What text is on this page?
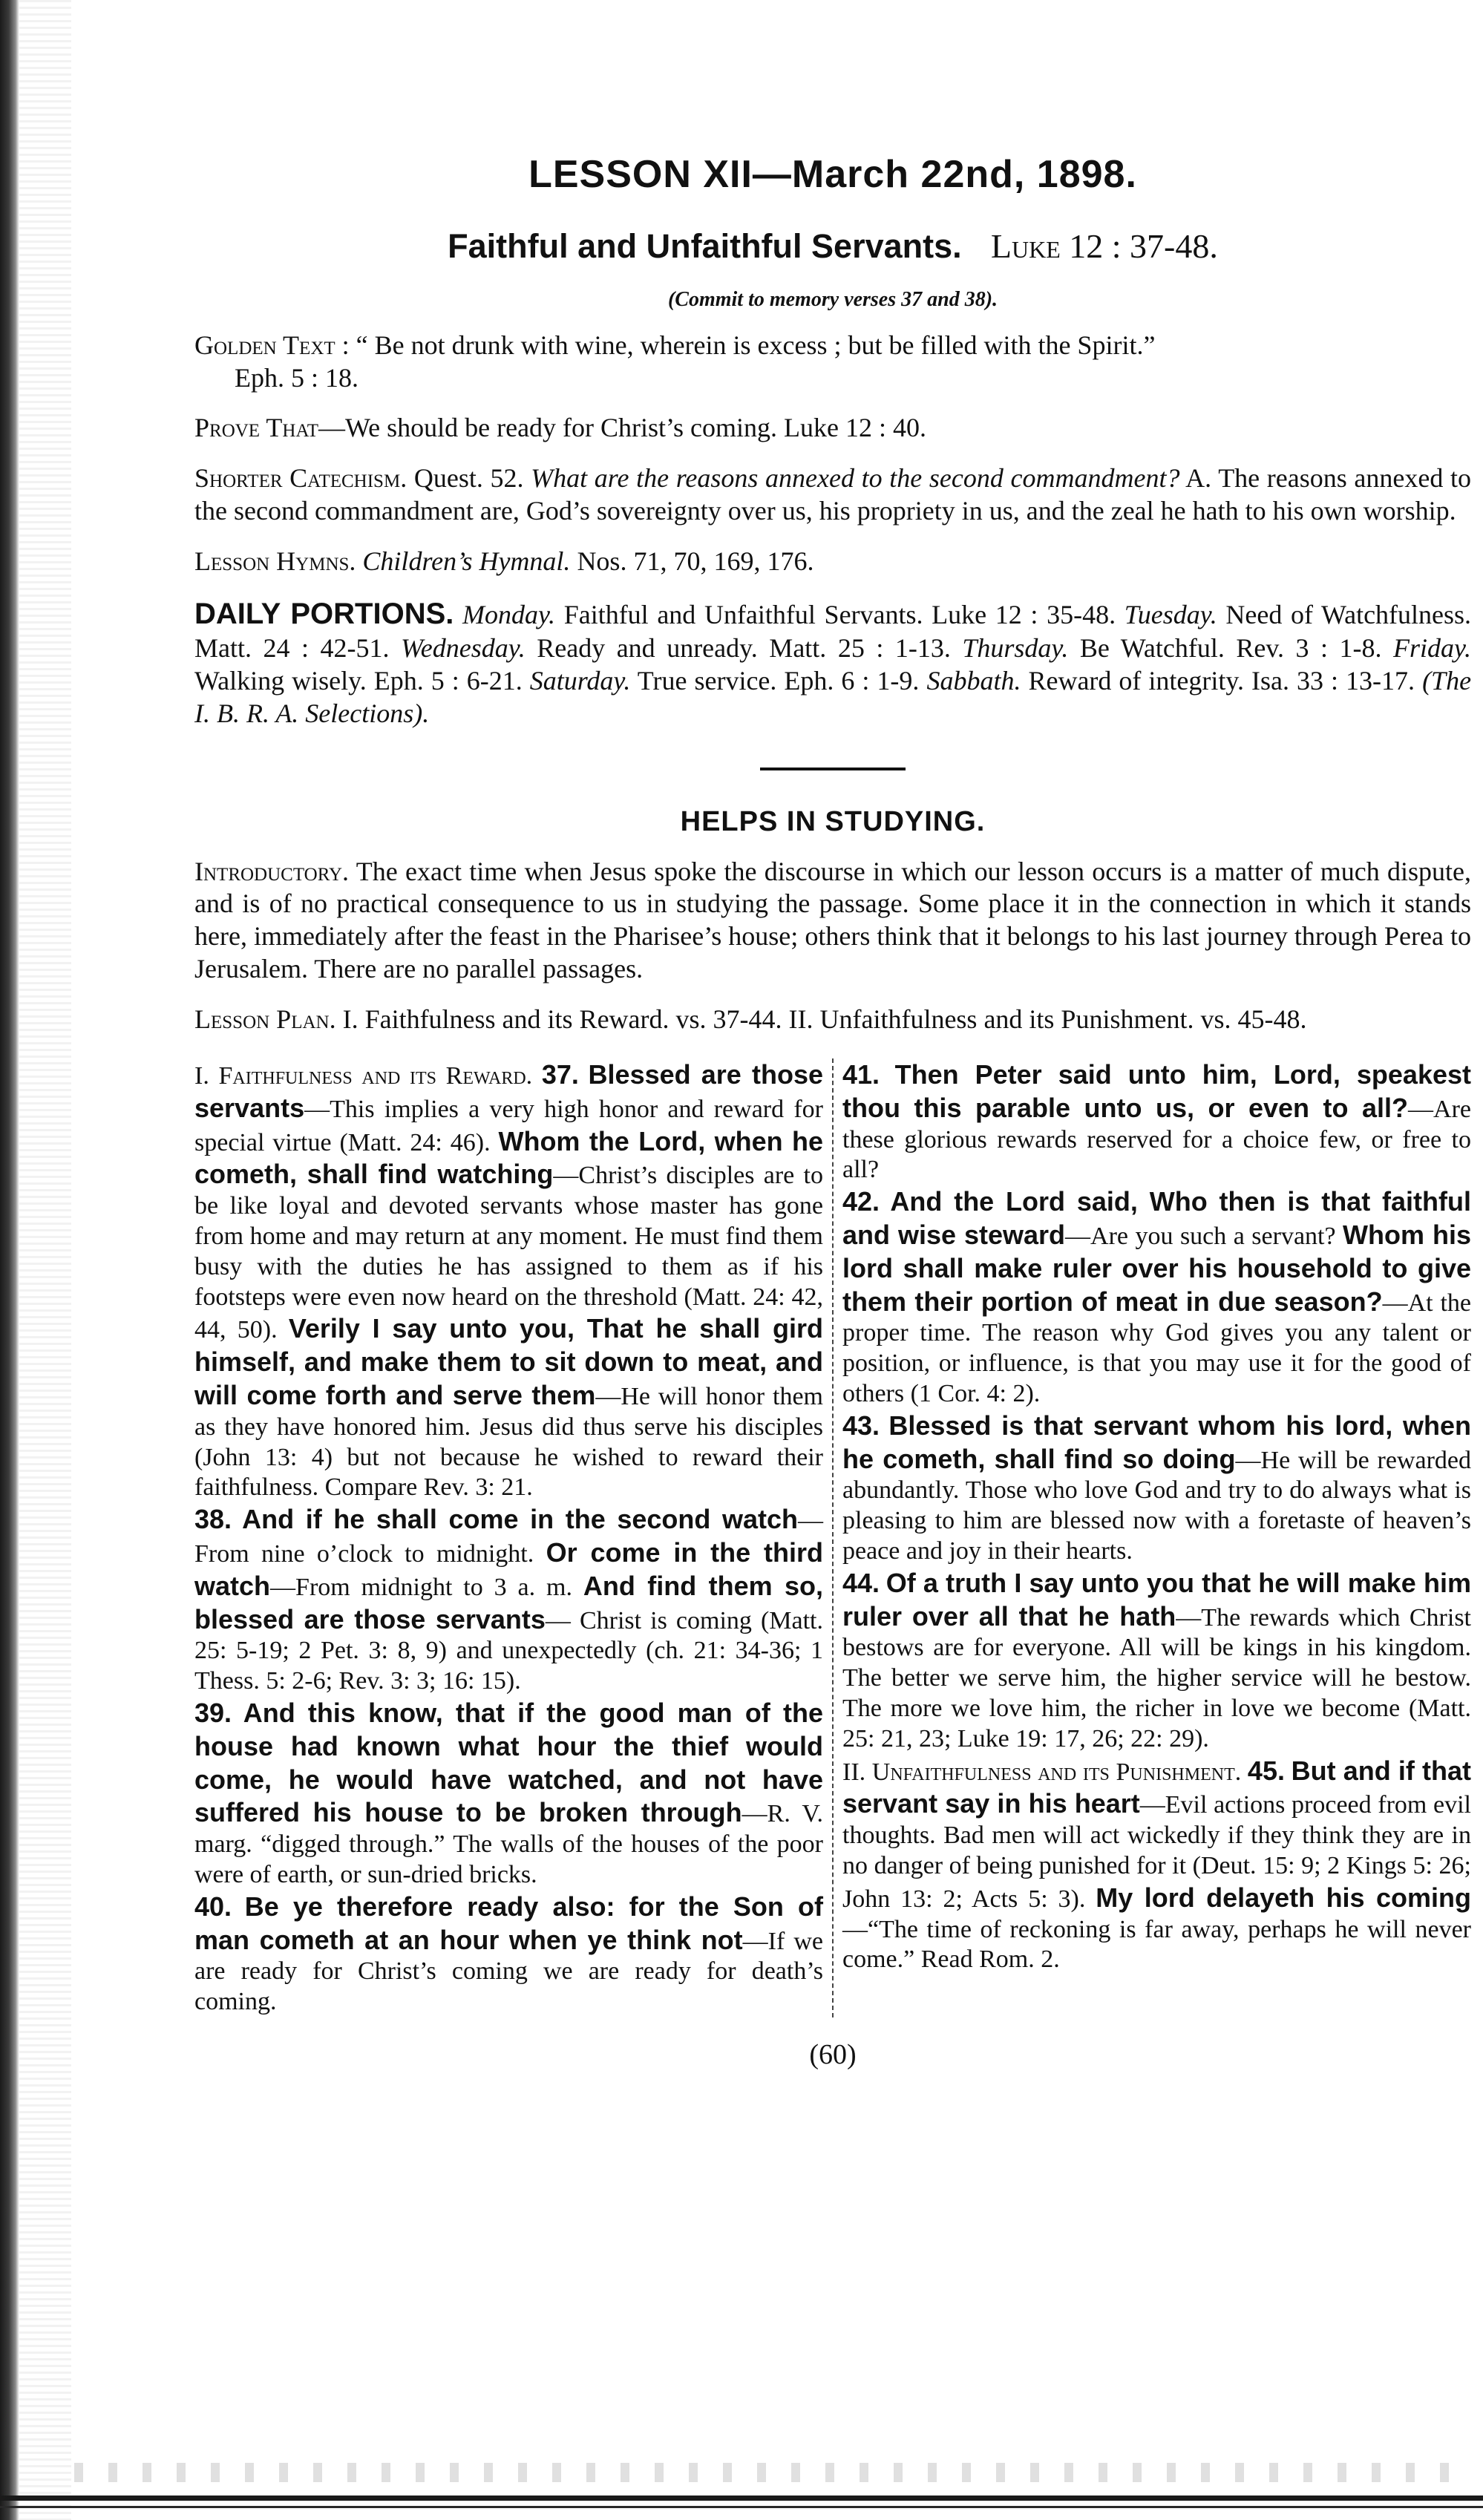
LESSON XII—March 22nd, 1898.
Faithful and Unfaithful Servants. Luke 12 : 37-48.
(Commit to memory verses 37 and 38).

Golden Text : “ Be not drunk with wine, wherein is excess ; but be filled with the Spirit.”
Eph. 5 : 18.

Prove That—We should be ready for Christ’s coming. Luke 12 : 40.

Shorter Catechism. Quest. 52. What are the reasons annexed to the second commandment? A. The reasons annexed to the second commandment are, God’s sovereignty over us, his propriety in us, and the zeal he hath to his own worship.

Lesson Hymns. Children’s Hymnal. Nos. 71, 70, 169, 176.

DAILY PORTIONS. Monday. Faithful and Unfaithful Servants. Luke 12 : 35-48. Tuesday. Need of Watchfulness. Matt. 24 : 42-51. Wednesday. Ready and unready. Matt. 25 : 1-13. Thursday. Be Watchful. Rev. 3 : 1-8. Friday. Walking wisely. Eph. 5 : 6-21. Saturday. True service. Eph. 6 : 1-9. Sabbath. Reward of integrity. Isa. 33 : 13-17. (The I. B. R. A. Selections).

HELPS IN STUDYING.

Introductory. The exact time when Jesus spoke the discourse in which our lesson occurs is a matter of much dispute, and is of no practical consequence to us in studying the passage. Some place it in the connection in which it stands here, immediately after the feast in the Pharisee’s house; others think that it belongs to his last journey through Perea to Jerusalem. There are no parallel passages.

Lesson Plan. I. Faithfulness and its Reward. vs. 37-44. II. Unfaithfulness and its Punishment. vs. 45-48.

I. Faithfulness and its Reward. 37. Blessed are those servants—This implies a very high honor and reward for special virtue (Matt. 24: 46). Whom the Lord, when he cometh, shall find watching—Christ’s disciples are to be like loyal and devoted servants whose master has gone from home and may return at any moment. He must find them busy with the duties he has assigned to them as if his footsteps were even now heard on the threshold (Matt. 24: 42, 44, 50). Verily I say unto you, That he shall gird himself, and make them to sit down to meat, and will come forth and serve them—He will honor them as they have honored him. Jesus did thus serve his disciples (John 13: 4) but not because he wished to reward their faithfulness. Compare Rev. 3: 21.

38. And if he shall come in the second watch—From nine o’clock to midnight. Or come in the third watch—From midnight to 3 a. m. And find them so, blessed are those servants— Christ is coming (Matt. 25: 5-19; 2 Pet. 3: 8, 9) and unexpectedly (ch. 21: 34-36; 1 Thess. 5: 2-6; Rev. 3: 3; 16: 15).

39. And this know, that if the good man of the house had known what hour the thief would come, he would have watched, and not have suffered his house to be broken through—R. V. marg. “digged through.” The walls of the houses of the poor were of earth, or sun-dried bricks.

40. Be ye therefore ready also: for the Son of man cometh at an hour when ye think not—If we are ready for Christ’s coming we are ready for death’s coming.

41. Then Peter said unto him, Lord, speakest thou this parable unto us, or even to all?—Are these glorious rewards reserved for a choice few, or free to all?

42. And the Lord said, Who then is that faithful and wise steward—Are you such a servant? Whom his lord shall make ruler over his household to give them their portion of meat in due season?—At the proper time. The reason why God gives you any talent or position, or influence, is that you may use it for the good of others (1 Cor. 4: 2).

43. Blessed is that servant whom his lord, when he cometh, shall find so doing—He will be rewarded abundantly. Those who love God and try to do always what is pleasing to him are blessed now with a foretaste of heaven’s peace and joy in their hearts.

44. Of a truth I say unto you that he will make him ruler over all that he hath—The rewards which Christ bestows are for everyone. All will be kings in his kingdom. The better we serve him, the higher service will he bestow. The more we love him, the richer in love we become (Matt. 25: 21, 23; Luke 19: 17, 26; 22: 29).

II. Unfaithfulness and its Punishment. 45. But and if that servant say in his heart—Evil actions proceed from evil thoughts. Bad men will act wickedly if they think they are in no danger of being punished for it (Deut. 15: 9; 2 Kings 5: 26; John 13: 2; Acts 5: 3). My lord delayeth his coming—“The time of reckoning is far away, perhaps he will never come.” Read Rom. 2.

(60)
